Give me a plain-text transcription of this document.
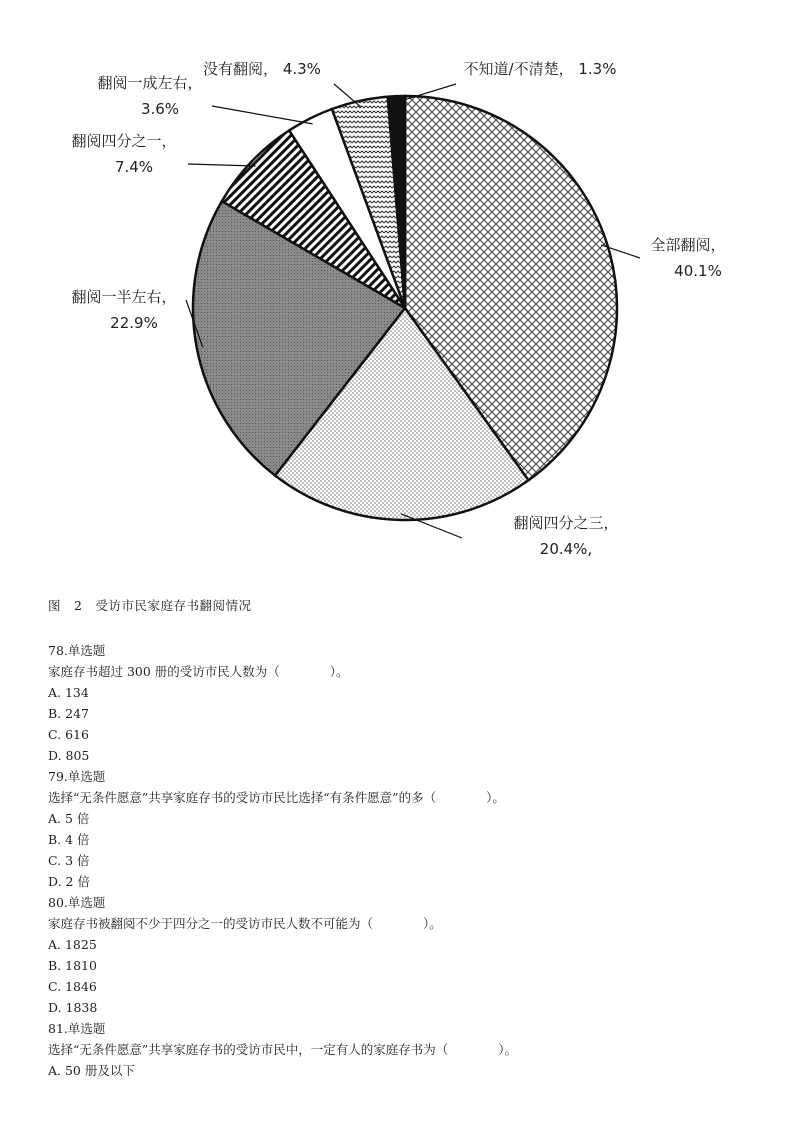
全部翻阅，
40.1%
翻阅四分之三，
20.4%,
翻阅一半左右，
22.9%
翻阅四分之一，
7.4%
翻阅一成左右，
3.6%
没有翻阅， 4.3%	不知道/不清楚， 1.3%
图　2　受访市民家庭存书翻阅情况
78.单选题
家庭存书超过 300 册的受访市民人数为（　　　　）。
A. 134
B. 247
C. 616
D. 805
79.单选题
选择“无条件愿意”共享家庭存书的受访市民比选择“有条件愿意”的多（　　　　）。
A. 5 倍
B. 4 倍
C. 3 倍
D. 2 倍
80.单选题
家庭存书被翻阅不少于四分之一的受访市民人数不可能为（　　　　）。
A. 1825
B. 1810
C. 1846
D. 1838
81.单选题
选择“无条件愿意”共享家庭存书的受访市民中，一定有人的家庭存书为（　　　　）。
A. 50 册及以下
